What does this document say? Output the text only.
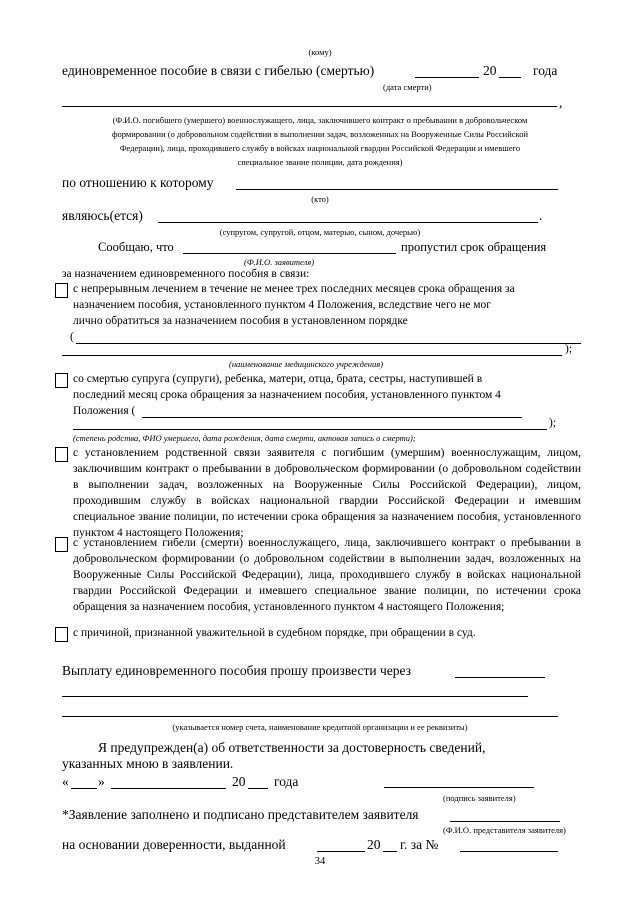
(кому)
единовременное пособие в связи с гибелью (смертью)	20	года
(дата смерти)
,
(Ф.И.О. погибшего (умершего) военнослужащего, лица, заключившего контракт о пребывании в добровольческом
формировании (о добровольном содействии в выполнении задач, возложенных на Вооруженные Силы Российской
Федерации), лица, проходившего службу в войсках национальной гвардии Российской Федерации и имевшего
специальное звание полиции, дата рождения)
по отношению к которому
(кто)
являюсь(ется)	.
(супругом, супругой, отцом, матерью, сыном, дочерью)
Сообщаю, что	пропустил срок обращения
(Ф.И.О. заявителя)
за назначением единовременного пособия в связи:
с непрерывным лечением в течение не менее трех последних месяцев срока обращения за
назначением пособия, установленного пунктом 4 Положения, вследствие чего не мог
лично обратиться за назначением пособия в установленном порядке
(
);
(наименование медицинского учреждения)
со смертью супруга (супруги), ребенка, матери, отца, брата, сестры, наступившей в
последний месяц срока обращения за назначением пособия, установленного пунктом 4
Положения (
);
(степень родства, ФИО умершего, дата рождения, дата смерти, актовая запись о смерти);
с установлением родственной связи заявителя с погибшим (умершим) военнослужащим, лицом, заключившим контракт о пребывании в добровольческом формировании (о добровольном содействии в выполнении задач, возложенных на Вооруженные Силы Российской Федерации), лицом, проходившим службу в войсках национальной гвардии Российской Федерации и имевшим специальное звание полиции, по истечении срока обращения за назначением пособия, установленного пунктом 4 настоящего Положения;
с установлением гибели (смерти) военнослужащего, лица, заключившего контракт о пребывании в добровольческом формировании (о добровольном содействии в выполнении задач, возложенных на Вооруженные Силы Российской Федерации), лица, проходившего службу в войсках национальной гвардии Российской Федерации и имевшего специальное звание полиции, по истечении срока обращения за назначением пособия, установленного пунктом 4 настоящего Положения;
с причиной, признанной уважительной в судебном порядке, при обращении в суд.
Выплату единовременного пособия прошу произвести через
(указывается номер счета, наименование кредитной организации и ее реквизиты)
Я предупрежден(а) об ответственности за достоверность сведений,
указанных мною в заявлении.
« »	20 года
(подпись заявителя)
*Заявление заполнено и подписано представителем заявителя
(Ф.И.О. представителя заявителя)
на основании доверенности, выданной	20 г. за №
34
